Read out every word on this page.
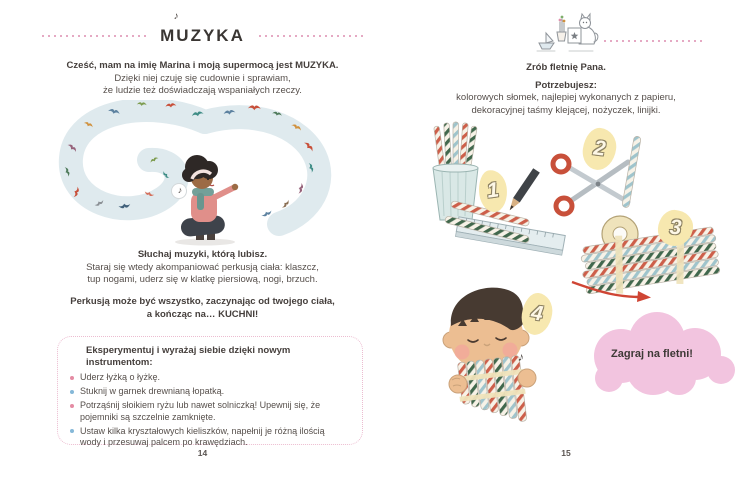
♪
MUZYKA
Cześć, mam na imię Marina i moją supermocą jest MUZYKA.
Dzięki niej czuję się cudownie i sprawiam,
że ludzie też doświadczają wspaniałych rzeczy.
♪
Słuchaj muzyki, którą lubisz.
Staraj się wtedy akompaniować perkusją ciała: klaszcz,
tup nogami, uderz się w klatkę piersiową, nogi, brzuch.
Perkusją może być wszystko, zaczynając od twojego ciała,
a kończąc na… KUCHNI!
Eksperymentuj i wyrażaj siebie dzięki nowym instrumentom:
Uderz łyżką o łyżkę.
Stuknij w garnek drewnianą łopatką.
Potrząśnij słoikiem ryżu lub nawet solniczką! Upewnij się, że pojemniki są szczelnie zamknięte.
Ustaw kilka kryształowych kieliszków, napełnij je różną ilością wody i przesuwaj palcem po krawędziach.
14
Zrób fletnię Pana.
Potrzebujesz:
kolorowych słomek, najlepiej wykonanych z papieru,
dekoracyjnej taśmy klejącej, nożyczek, linijki.
♪
1
2
3
4
Zagraj na fletni!
15
